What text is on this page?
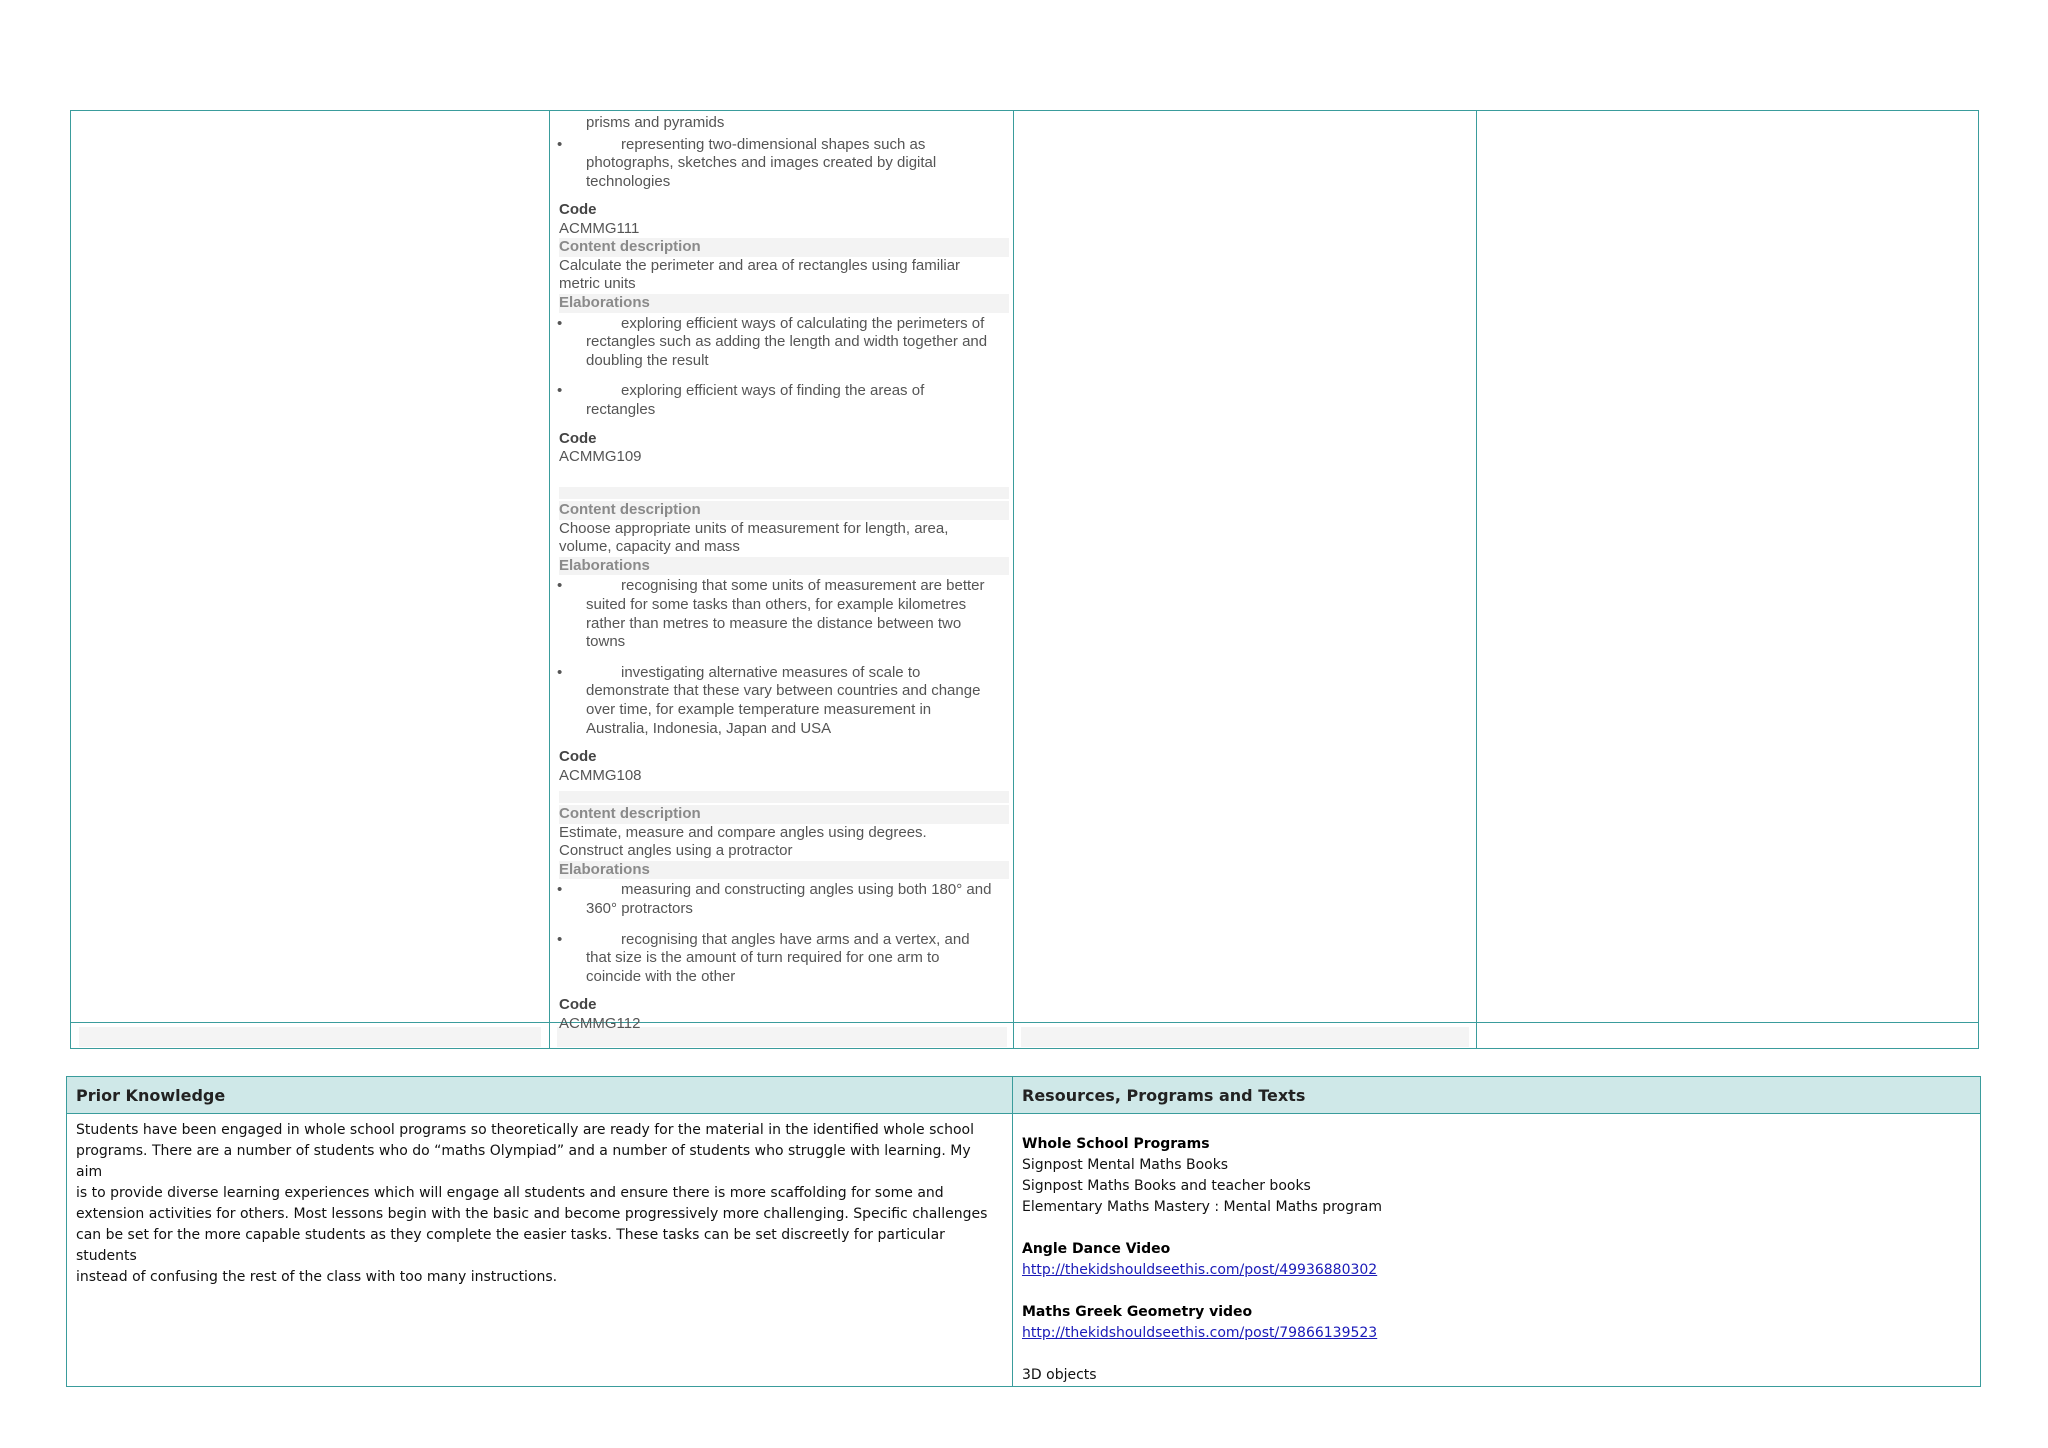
prisms and pyramids
•	representing two-dimensional shapes such as
photographs, sketches and images created by digital
technologies
Code
ACMMG111
Content description
Calculate the perimeter and area of rectangles using familiar
metric units
Elaborations
•	exploring efficient ways of calculating the perimeters of
rectangles such as adding the length and width together and
doubling the result
•	exploring efficient ways of finding the areas of
rectangles
Code
ACMMG109
Content description
Choose appropriate units of measurement for length, area,
volume, capacity and mass
Elaborations
•	recognising that some units of measurement are better
suited for some tasks than others, for example kilometres
rather than metres to measure the distance between two
towns
•	investigating alternative measures of scale to
demonstrate that these vary between countries and change
over time, for example temperature measurement in
Australia, Indonesia, Japan and USA
Code
ACMMG108
Content description
Estimate, measure and compare angles using degrees.
Construct angles using a protractor
Elaborations
•	measuring and constructing angles using both 180° and
360° protractors
•	recognising that angles have arms and a vertex, and
that size is the amount of turn required for one arm to
coincide with the other
Code
ACMMG112
Prior Knowledge	Resources, Programs and Texts
Students have been engaged in whole school programs so theoretically are ready for the material in the identified whole school
programs. There are a number of students who do “maths Olympiad” and a number of students who struggle with learning. My aim
is to provide diverse learning experiences which will engage all students and ensure there is more scaffolding for some and
extension activities for others. Most lessons begin with the basic and become progressively more challenging. Specific challenges
can be set for the more capable students as they complete the easier tasks. These tasks can be set discreetly for particular students
instead of confusing the rest of the class with too many instructions.
Whole School Programs
Signpost Mental Maths Books
Signpost Maths Books and teacher books
Elementary Maths Mastery : Mental Maths program
Angle Dance Video
http://thekidshouldseethis.com/post/49936880302
Maths Greek Geometry video
http://thekidshouldseethis.com/post/79866139523
3D objects
